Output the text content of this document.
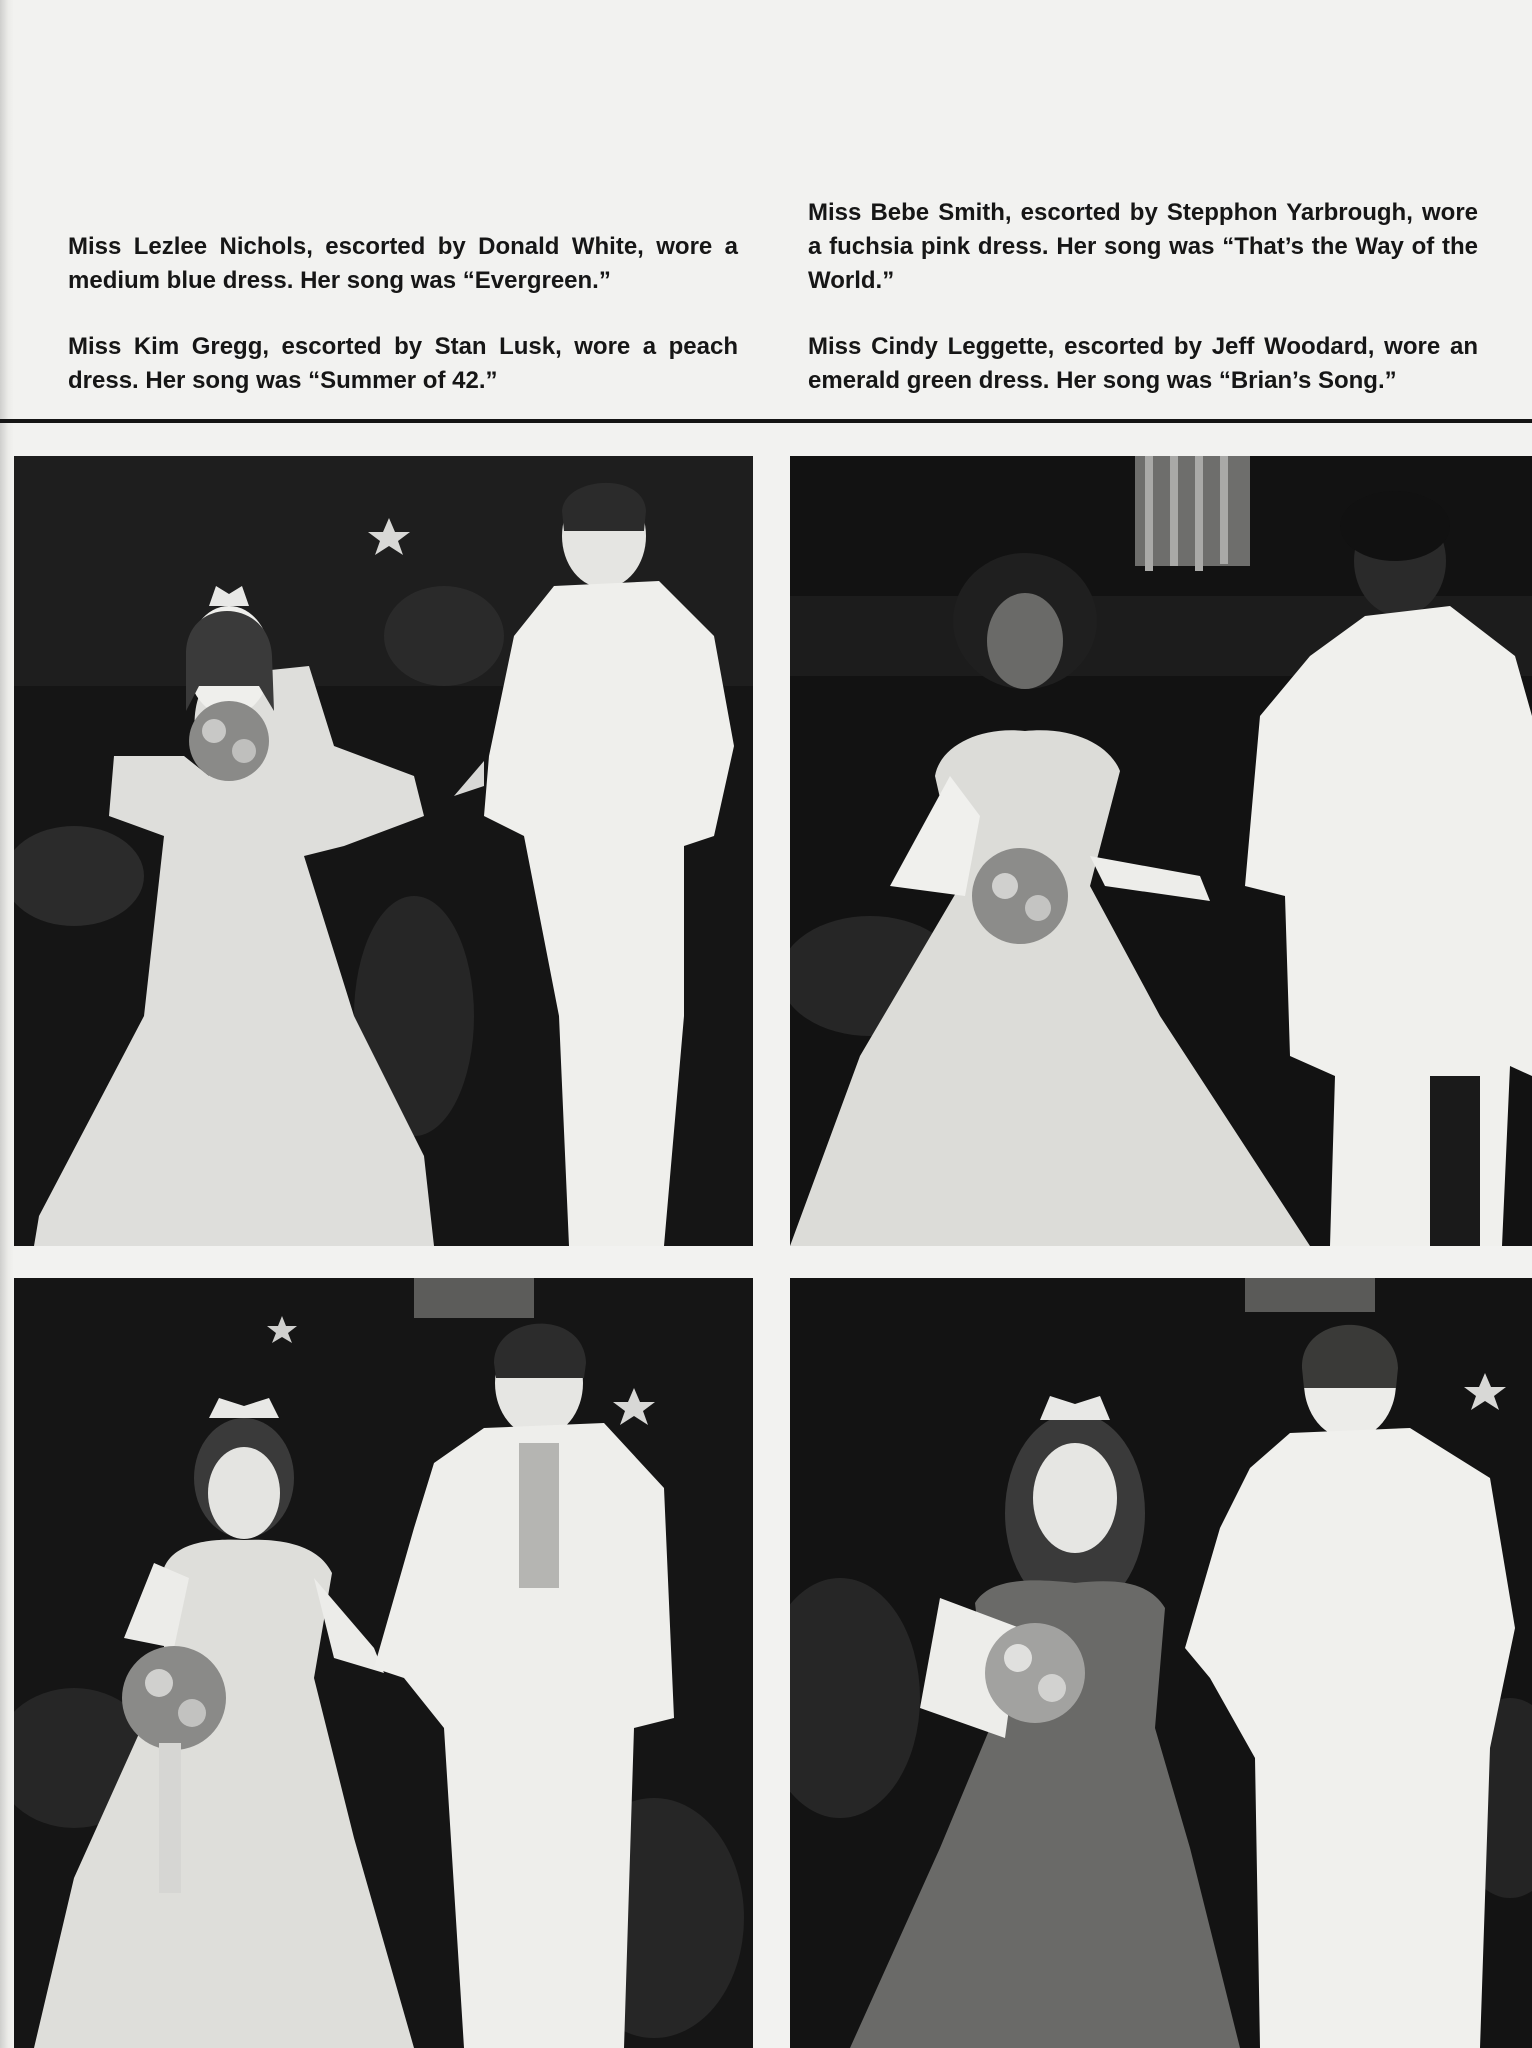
Miss Lezlee Nichols, escorted by Donald White, wore a medium blue dress. Her song was “Evergreen.”

Miss Kim Gregg, escorted by Stan Lusk, wore a peach dress. Her song was “Summer of 42.”

Miss Bebe Smith, escorted by Stepphon Yarbrough, wore a fuchsia pink dress. Her song was “That’s the Way of the World.”

Miss Cindy Leggette, escorted by Jeff Woodard, wore an emerald green dress. Her song was “Brian’s Song.”
